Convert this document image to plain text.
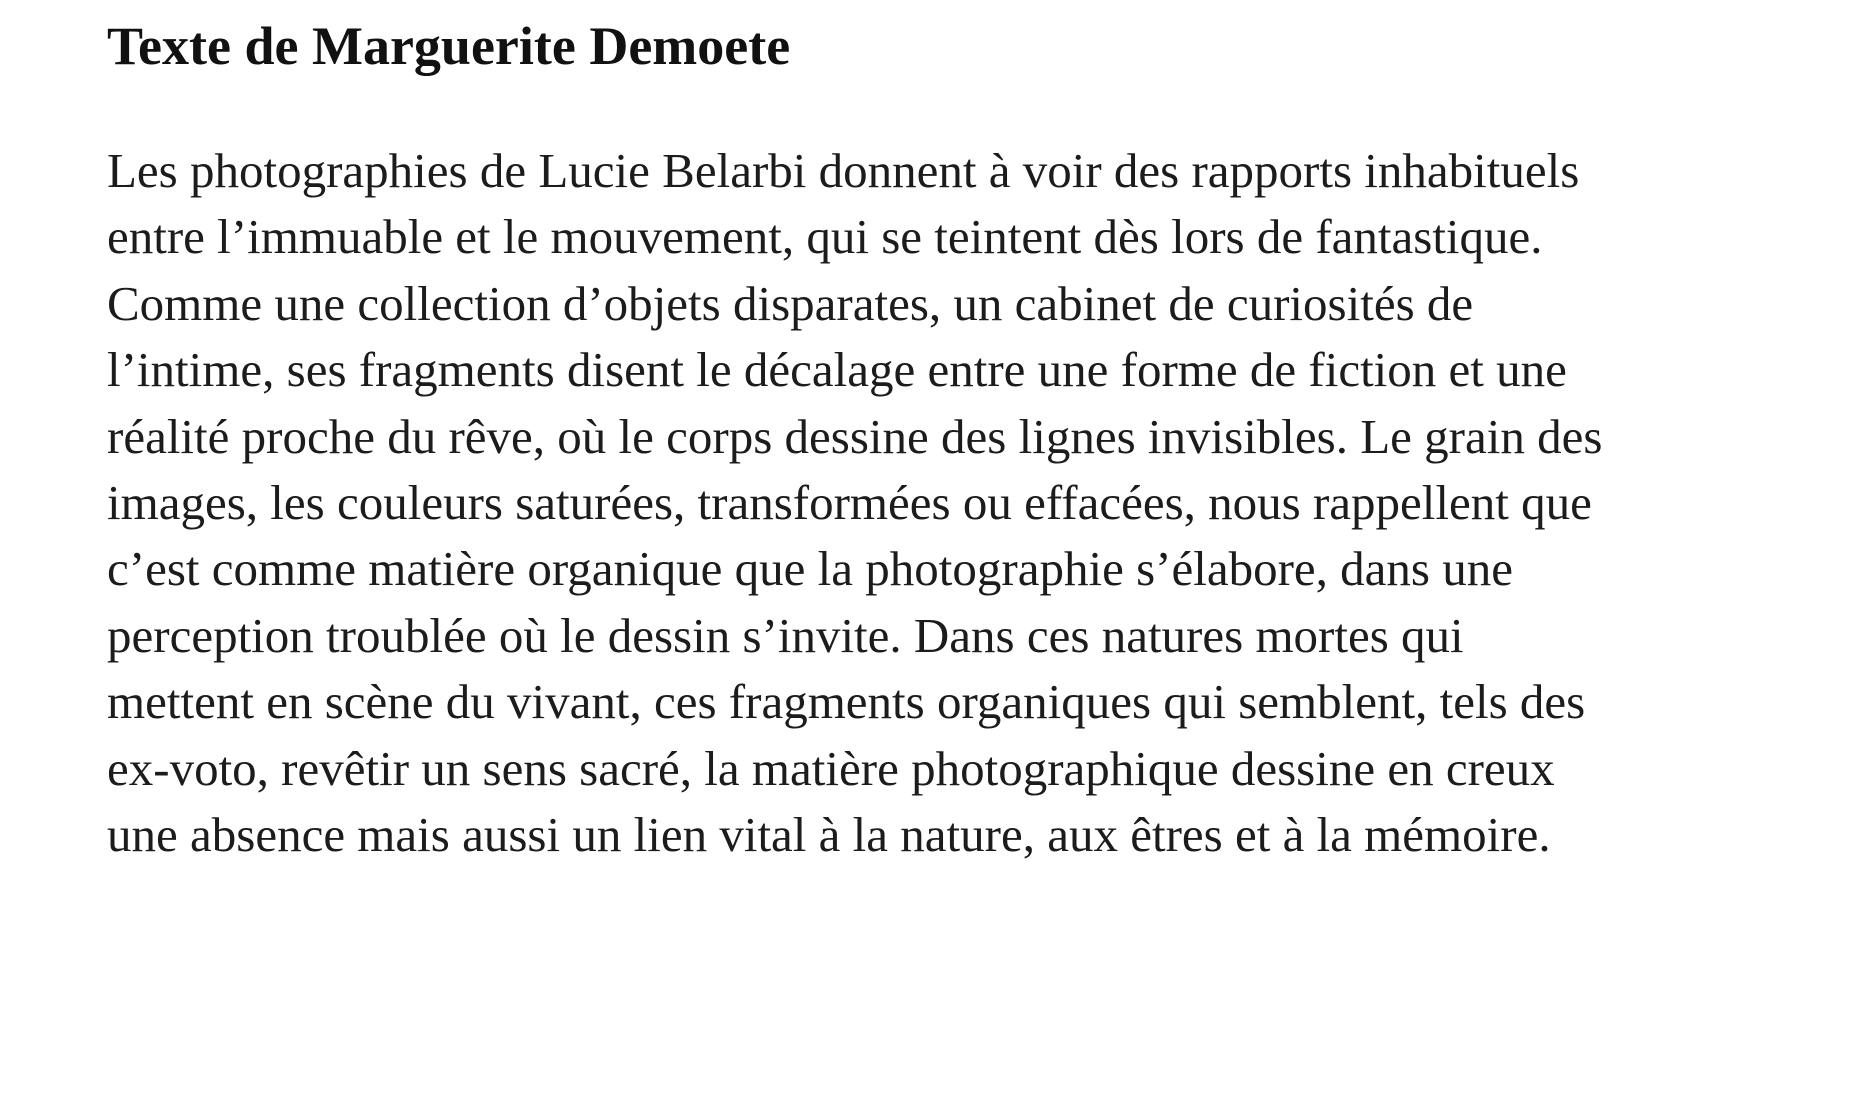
Texte de Marguerite Demoete
Les photographies de Lucie Belarbi donnent à voir des rapports inhabituels
entre l’immuable et le mouvement, qui se teintent dès lors de fantastique.
Comme une collection d’objets disparates, un cabinet de curiosités de
l’intime, ses fragments disent le décalage entre une forme de fiction et une
réalité proche du rêve, où le corps dessine des lignes invisibles. Le grain des
images, les couleurs saturées, transformées ou effacées, nous rappellent que
c’est comme matière organique que la photographie s’élabore, dans une
perception troublée où le dessin s’invite. Dans ces natures mortes qui
mettent en scène du vivant, ces fragments organiques qui semblent, tels des
ex-voto, revêtir un sens sacré, la matière photographique dessine en creux
une absence mais aussi un lien vital à la nature, aux êtres et à la mémoire.
